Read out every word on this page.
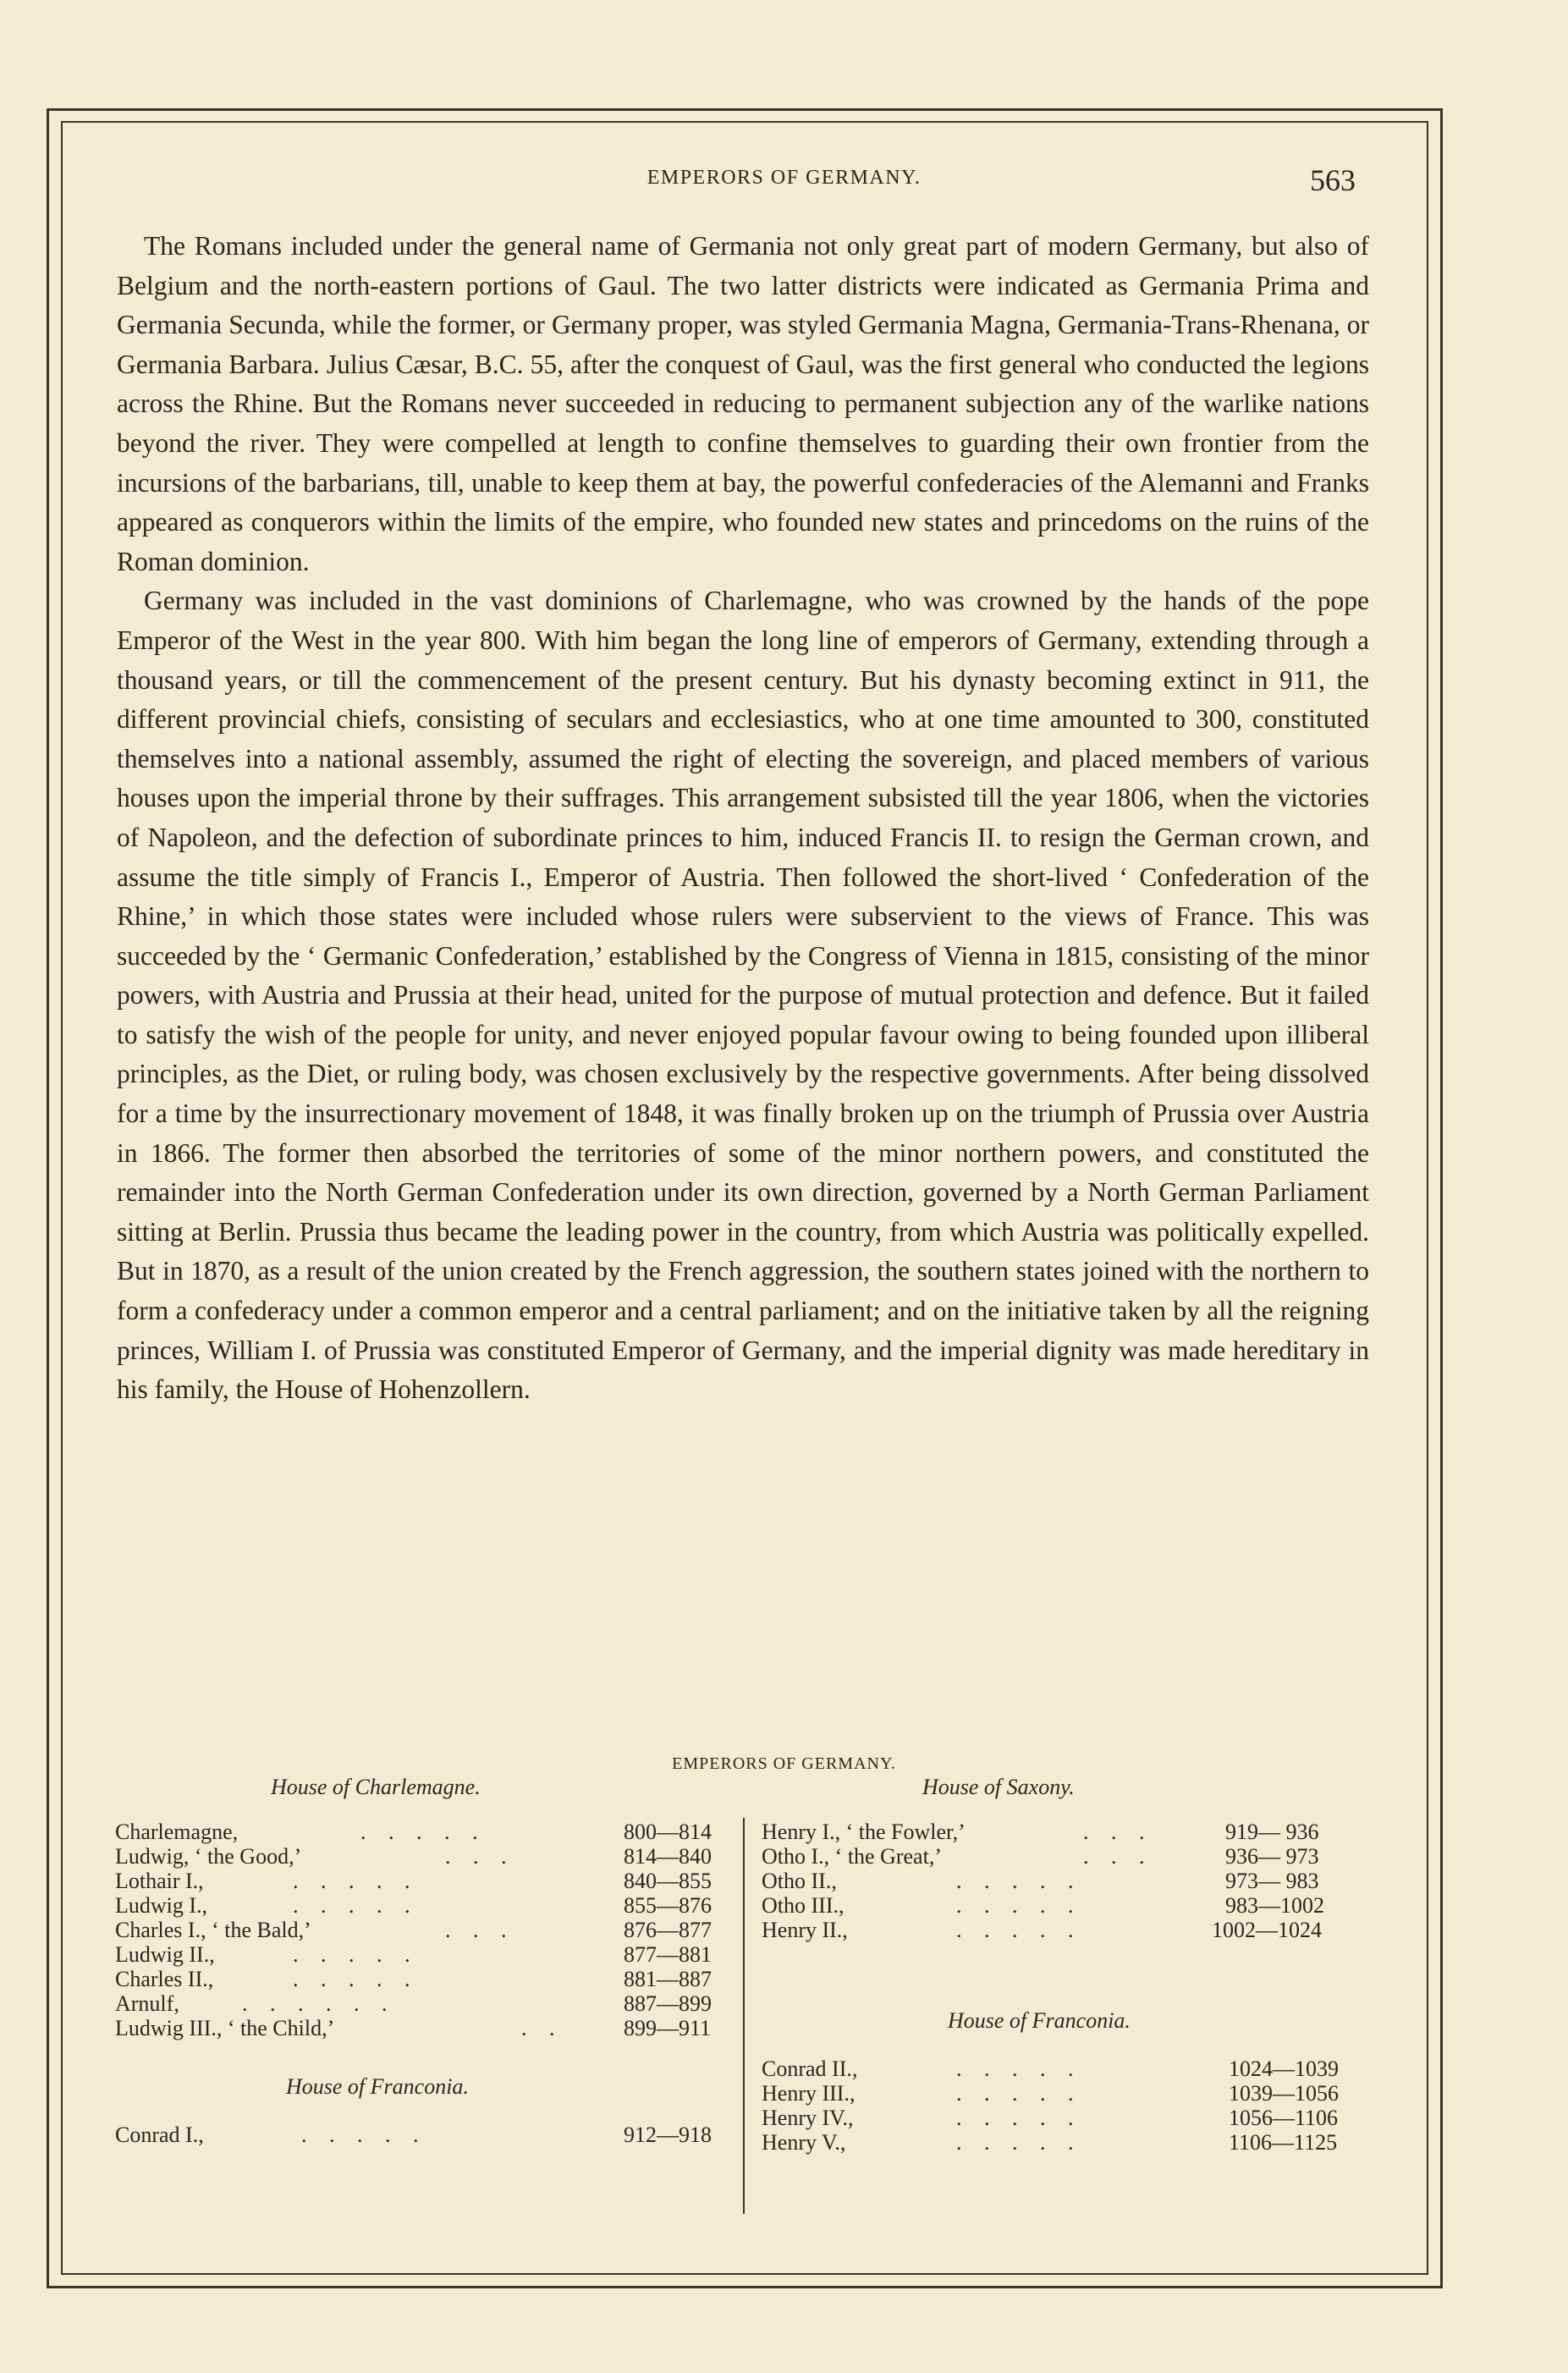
EMPERORS OF GERMANY.	563

The Romans included under the general name of Germania not only great part of modern Germany, but also of Belgium and the north-eastern portions of Gaul. The two latter districts were indicated as Germania Prima and Germania Secunda, while the former, or Germany proper, was styled Germania Magna, Germania-Trans-Rhenana, or Germania Barbara. Julius Cæsar, B.C. 55, after the conquest of Gaul, was the first general who conducted the legions across the Rhine. But the Romans never succeeded in reducing to permanent subjection any of the warlike nations beyond the river. They were compelled at length to confine themselves to guarding their own frontier from the incursions of the barbarians, till, unable to keep them at bay, the powerful confederacies of the Alemanni and Franks appeared as conquerors within the limits of the empire, who founded new states and princedoms on the ruins of the Roman dominion.

Germany was included in the vast dominions of Charlemagne, who was crowned by the hands of the pope Emperor of the West in the year 800. With him began the long line of emperors of Germany, extending through a thousand years, or till the commencement of the present century. But his dynasty becoming extinct in 911, the different provincial chiefs, consisting of seculars and ecclesiastics, who at one time amounted to 300, constituted themselves into a national assembly, assumed the right of electing the sovereign, and placed members of various houses upon the imperial throne by their suffrages. This arrangement subsisted till the year 1806, when the victories of Napoleon, and the defection of subordinate princes to him, induced Francis II. to resign the German crown, and assume the title simply of Francis I., Emperor of Austria. Then followed the short-lived ‘ Confederation of the Rhine,’ in which those states were included whose rulers were subservient to the views of France. This was succeeded by the ‘ Germanic Confederation,’ established by the Congress of Vienna in 1815, consisting of the minor powers, with Austria and Prussia at their head, united for the purpose of mutual protection and defence. But it failed to satisfy the wish of the people for unity, and never enjoyed popular favour owing to being founded upon illiberal principles, as the Diet, or ruling body, was chosen exclusively by the respective governments. After being dissolved for a time by the insurrectionary movement of 1848, it was finally broken up on the triumph of Prussia over Austria in 1866. The former then absorbed the territories of some of the minor northern powers, and constituted the remainder into the North German Confederation under its own direction, governed by a North German Parliament sitting at Berlin. Prussia thus became the leading power in the country, from which Austria was politically expelled. But in 1870, as a result of the union created by the French aggression, the southern states joined with the northern to form a confederacy under a common emperor and a central parliament; and on the initiative taken by all the reigning princes, William I. of Prussia was constituted Emperor of Germany, and the imperial dignity was made hereditary in his family, the House of Hohenzollern.

EMPERORS OF GERMANY.
House of Charlemagne.
Charlemagne,	. . . . .	800—814
Ludwig, ‘ the Good,’	. . .	814—840
Lothair I.,	. . . . .	840—855
Ludwig I.,	. . . . .	855—876
Charles I., ‘ the Bald,’	. . .	876—877
Ludwig II.,	. . . . .	877—881
Charles II.,	. . . . .	881—887
Arnulf,	. . . . . .	887—899
Ludwig III., ‘ the Child,’	. .	899—911
House of Franconia.
Conrad I.,	. . . . .	912—918
House of Saxony.
Henry I., ‘ the Fowler,’	. . .	919— 936
Otho I., ‘ the Great,’	. . .	936— 973
Otho II.,	. . . . .	973— 983
Otho III.,	. . . . .	983—1002
Henry II.,	. . . . .	1002—1024
House of Franconia.
Conrad II.,	. . . . .	1024—1039
Henry III.,	. . . . .	1039—1056
Henry IV.,	. . . . .	1056—1106
Henry V.,	. . . . .	1106—1125
